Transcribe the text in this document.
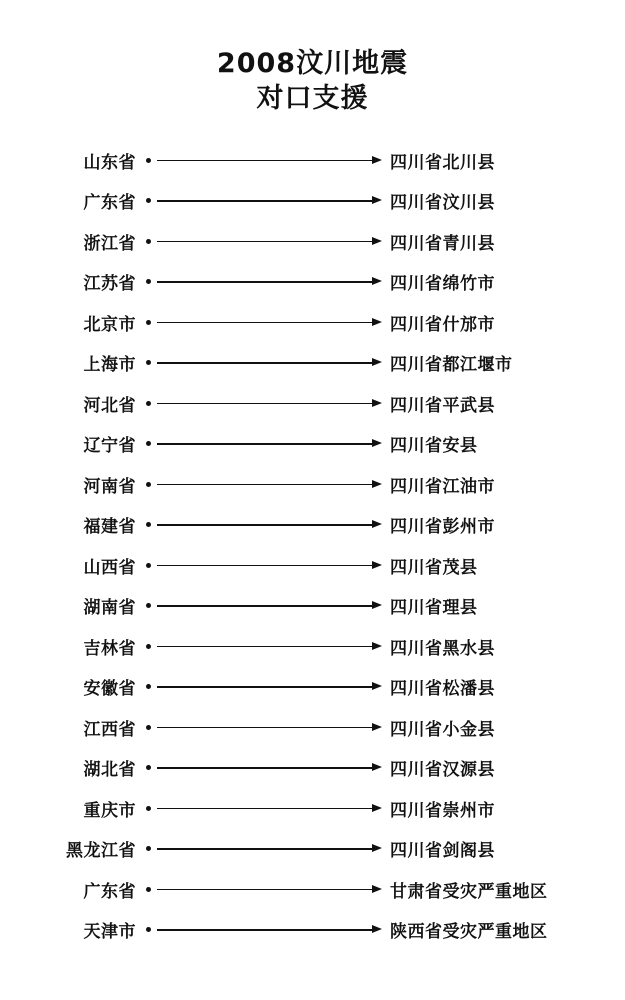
2008汶川地震
对口支援
山东省	四川省北川县
广东省	四川省汶川县
浙江省	四川省青川县
江苏省	四川省绵竹市
北京市	四川省什邡市
上海市	四川省都江堰市
河北省	四川省平武县
辽宁省	四川省安县
河南省	四川省江油市
福建省	四川省彭州市
山西省	四川省茂县
湖南省	四川省理县
吉林省	四川省黑水县
安徽省	四川省松潘县
江西省	四川省小金县
湖北省	四川省汉源县
重庆市	四川省崇州市
黑龙江省	四川省剑阁县
广东省	甘肃省受灾严重地区
天津市	陕西省受灾严重地区
